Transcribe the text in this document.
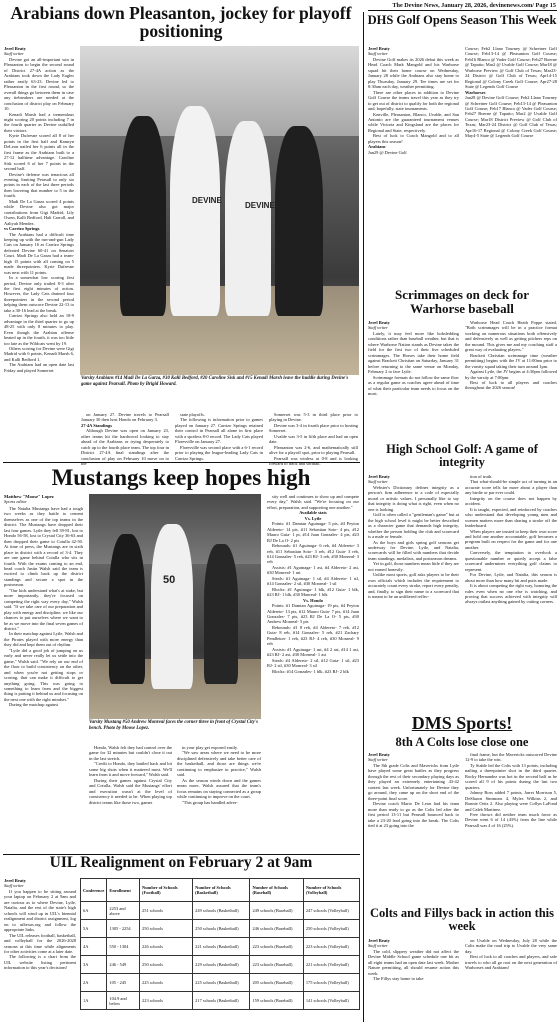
The Devine News, January 28, 2026, devinenews.com/ Page 15
Arabians down Pleasanton, jockey for playoff positioning
Jerel Beaty
Staff writer

Devine got an all-important win in Pleasanton to begin the second round of District 27-4A action as the Arabians took down the Lady Eagles rather easily 63-23. Devine led to Pleasanton in the first round, so the overall things go between them in case any tiebreakers are needed at the conclusion of district play on February 10.

Kenadi Marsh had a tremendous night scoring 20 points including 7 in the fourth quarter as Devine outkilled their visitors.

Kyrie Dufresne scored all 8 of her points in the first half and Kamryn DeLeon nailed her 6 points all in the first frame as the Arabians built to a 27-12 halftime advantage. Caroline Sisk scored 6 of her 7 points in the second half.

Devine's defense was tenacious all evening, limiting Pearsall to only six points in each of the last three periods then lowering that number to 5 in the fourth.

Madi De La Garza scored 4 points while Devine also got major contributions from Gigi Madrid, Lily Owen, Kalli Bedford, Hali Carroll, and Aaliyah Mendez.

vs Carrizo Springs

The Arabians had a difficult time keeping up with the run-and-gun Lady Cats on January 16 as Carrizo Springs defeated Devine 60-41 on Senators Court. Madi De La Garza had a team-high 15 points with all coming on 5 made threepointers. Kyrie Dufresne was next with 11 points.

In a somewhat low scoring first period, Devine only trailed 8-3 after the first eight minutes of action. However, the Lady Cats drained four threepointers in the second period helping them outscore Devine 22-13 to take a 30-16 lead at the break.

Carrizo Springs also held an 18-9 advantage in the third quarter to go up 48-25 with only 8 minutes to play. Even though the Arabian offense heated up in the fourth, it was too little too late as the Wildcats went by 19.

Others scoring for Devine were Gigi Madrid with 6 points, Kenadi Marsh 6, and Kalli Bedford 1.

The Arabians had an open date last Friday and played Somerset

DEVINE
DEVINE
Varsity Arabians #14 Madi De La Garza, #30 Kalli Bedford, #20 Caroline Sisk and #15 Kenadi Marsh leave the huddle during Devine's game against Pearsall. Photo by Brigid Howard.

on January 27. Devine travels to Pearsall January 30 then host Hondo on February 3.

27-4A Standings

Although Devine was open on January 23, other teams hit the hardwood looking to stay ahead of the Arabians or trying desperately to catch up to the fourth place team. The top four in District 27-4A final standings after the conclusion of play on February 10 move on to the

state playoffs.

The following is information prior to games played on January 27. Carrizo Springs retained their control in Pearsall all alone in first place with a spotless 8-0 record. The Lady Cats played Floresville on January 27.

Floresville was second place with a 6-1 record prior to playing the league-leading Lady Cats in Carrizo Springs.

Somerset was 5-3 in third place prior to playing in Devine.

Devine was 3-4 in fourth place prior to hosting Somerset.

Uvalde was 3-5 in fifth place and had an open date.

Pleasanton was 2-6, and mathematically still alive for a playoff spot, prior to playing Pearsall.

Pearsall was winless at 0-8 and is looking forward to track and softball.

Mustangs keep hopes high
Matthew "Moose" Lopez
Sports editor

The Natalia Mustangs have had a tough two weeks as they battle to cement themselves as one of the top teams in the district. The Mustangs have dropped their last four games. Lytle they fell 39-81, lost to Hondo 56-58, lost to Crystal City 36-63 and then dropped their game to Cotulla 42-50. At time of press, the Mustangs are in sixth place in district with a record of 3-4. They are one game behind Cotulla who sits in fourth. With the exams coming to an end, head coach Justin Walsh said the team is excited to climb back up the district standings and secure a spot in the postseason.

"Our kids understand what's at stake, but more importantly, they're focused on competing the right way every day," Walsh said. "If we take care of our preparation and play with energy and discipline, we like our chances to put ourselves where we want to be as we move into the final seven games of district."

In their matchup against Lytle, Walsh and the Pirates played with more energy than they did and kept them out of rhythm.

"Lytle did a good job of jumping on us early and never really let us settle into the game," Walsh said. "We rely on our end of the floor to build consistency on the other, and when you're not getting stops or scoring, that can make it difficult to get anything going. This was going to something to learn from and the biggest thing is putting it behind us and focusing on the next one with the right mindset."

During the matchup against

50
Varsity Mustang #50 Andrew Monreal faces the corner three in front of Crystal City's bench. Photo by Moose Lopez.

Hondo, Walsh felt they had control over the game for 32 minutes but couldn't close it out in the last stretch.

"Credit to Hondo, they battled back and hit some big shots when it mattered most. We'll learn from it and move forward," Walsh said.

During their games against Crystal City and Cotulla, Walsh said the Mustangs' effort and execution wasn't at the level of consistency it needed to be. When playing top district teams like those two, games

in your play get exposed easily.

"We saw areas where we need to be more disciplined defensively and take better care of the basketball, and those are things we're continuing to emphasize in practice," Walsh said.

As the season winds down and the games mean more, Walsh assured that the team's focus remains on staying connected as a group while continuing to improve on the court.

"This group has handled adver-

sity well and continues to show up and compete every day," Walsh said. "We're focusing on our effort, preparation, and supporting one another."

Available stats

Vs. Lytle

Points: #1 Damian Aguinaga- 5 pts, #4 Peyton Aldereto- 14 pts, #11 Sebastian Soto- 4 pts, #12 Mauro Guia- 1 pt, #14 Juan Gonzales- 4 pts, #23 RJ De La O- 2 pts

Rebounds: #1 Aguinaga- 6 reb, #4 Aldereto- 3 reb, #11 Sebastian Soto- 3 reb, #12 Guia- 3 reb, #14 Gonzales- 5 reb, #23 RJ- 3 reb, #30 Monreal- 3 reb

Assists: #1 Aguinaga- 1 ast, #4 Aldereto- 2 ast, #30 Monreal- 1 ast

Steals: #1 Aguinaga- 1 stl, #4 Aldereto- 1 stl, #14 Gonzales- 2 stl, #30 Monreal- 1 stl

Blocks: #1 Aguinaga- 1 blk, #12 Guia- 1 blk, #23 RJ- 1 blk, #30 Monreal- 1 blk

Vs. Hondo

Points: #1 Damian Aguinaga- 19 pts, #4 Peyton Aldereto- 13 pts, #12 Mauro Guia- 7 pts, #14 Juan Gonzales- 7 pts, #23 RJ De La O- 5 pts, #30 Andrew Monreal- 5 pts

Rebounds: #1 8 reb, #4 Aldereto- 7 reb, #12 Guia- 8 reb, #14 Gonzales- 5 reb, #21 Zachary Pendleton- 1 reb, #23 RJ- 4 reb, #30 Monreal- 9 reb

Assists: #1 Aguinaga- 1 ast, #4 2 ast, #14 1 ast, #23 RJ- 2 ast, #30 Monreal- 1 ast

Steals: #4 Aldereto- 2 stl, #12 Guia- 1 stl, #23 RJ- 2 stl, #30 Monreal- 3 stl

Blocks: #14 Gonzales- 1 blk, #23 RJ- 2 blk

UIL Realignment on February 2 at 9am
Jerel Beaty
Staff writer

If you happen to be sitting around your laptop on February 2 at 9am and are curious as to where Devine, Lytle, Natalia, and the rest of the state's high schools will wind up in UIL's biennial realignment and district assignment, log on to uiltexas.org and follow the appropriate links.

The UIL releases football, basketball, and volleyball for the 2026-2028 seasons at this time while alignments for other activities come at a later date.

The following is a chart from the UIL website listing pertinent information to this year's decisions!

Conference	Enrollment	Number of Schools (Football)	Number of Schools (Basketball)	Number of Schools (Baseball)	Number of Schools (Volleyball)
6A	2253 and above	251 schools	249 schools (Basketball)	249 schools (Baseball)	247 schools (Volleyball)
5A	1305 - 2254	250 schools	250 schools (Basketball)	246 schools (Baseball)	250 schools (Volleyball)
4A	550 - 1304	226 schools	221 schools (Basketball)	223 schools (Baseball)	223 schools (Volleyball)
3A	246 - 549	250 schools	229 schools (Basketball)	223 schools (Baseball)	221 schools (Volleyball)
2A	105 - 245	225 schools	225 schools (Basketball)	205 schools (Baseball)	175 schools (Volleyball)
1A	104.9 and below	223 schools	217 schools (Basketball)	159 schools (Baseball)	141 schools (Volleyball)
DHS Golf Opens Season This Week
Jerel Beaty
Staff writer

Devine Golf makes its 2026 debut this week as Head Coach Mark Mangold and his Warhorse squad hit their home course on Wednesday, January 28 while the Arabians also stay home to play Thursday, January 29. Tee times are set for 8:30am each day, weather permitting.

There are other places in addition to Devine Golf Course the teams travel this year as they try to get out of district to qualify for both the regional and, hopefully, state tournaments.

Kenville, Pleasanton, Blanco, Uvalde, and San Antonio are the guaranteed tournament venues while Victoria and Kingsland are the places for Regional and State, respectively.

Best of luck to Coach Mangold and to all players this season!

Arabians

Jan29 @ Devine Golf

Course; Feb2 Llano Tourney @ Schreiner Golf Course; Feb13-14 @ Pleasanton Golf Course; Feb16 Blanco @ Vader Golf Course; Feb27 Boerne @ Tapatio; Mar2 @ Uvalde Golf Course; Mar18 @ Warhorse Preview @ Golf Club of Texas; Mar23-24 District @ Golf Club of Texas; Apr14-15 Regional @ Colony Creek Golf Course; Apr27-28 State @ Legends Golf Course

Warhorses

Jan28 @ Devine Golf Course; Feb2 Llano Tourney @ Schreiner Golf Course; Feb13-14 @ Pleasanton Golf Course; Feb17 Blanco @ Vader Golf Course; Feb27 Boerne @ Tapatio; Mar2 @ Uvalde Golf Course; Mar18 District Preview @ Golf Club of Texas; Mar23-24 District @ Golf Club of Texas; Apr16-17 Regional @ Colony Creek Golf Course; May4-5 State @ Legends Golf Course

Scrimmages on deck for Warhorse baseball
Jerel Beaty
Staff writer

Lately, it may feel more like bobsledding conditions rather than baseball weather, but that is where Warhorse Nation stands as Devine takes the field for the first two of their five scheduled scrimmages. The Horses take their home field against Brackett Christian on Saturday, January 31 before returning to the same venue on Monday, February 2 to face Lytle.

Scrimmage formats do not follow the same flow as a regular game as coaches agree ahead of time of what their particular team needs to focus on the most.

Warhorse Head Coach Heath Poppe stated, "Both scrimmages will be in a practice format working on numerous situations both offensively and defensively as well as getting pitchers reps on the mound. This gives me and my coaching staff a great way of evaluating players."

Brackett Christian scrimmage time (weather permitting) begins with the JV at 11:00am prior to the varsity squad taking their turn around 1pm.

Against Lytle, the JV begins at 4:30pm followed by the varsity at 7:00pm.

Best of luck to all players and coaches throughout the 2026 season!

High School Golf: A game of integrity
Jerel Beaty
Staff writer

Webster's Dictionary defines integrity as a person's firm adherence to a code of especially moral or artistic values. I personally like to say that integrity is doing what is right, even when no one is looking.

Golf is often called a "gentleman's game" but at the high school level it might be better described as a character game that demands high integrity, whether the person holding the club and scorecard is a male or female.

As the boys and girls spring golf seasons get underway for Devine, Lytle, and Natalia, scorecards will be filled with numbers that decide team standings, medalists, and postseason dreams.

Yet in golf, those numbers mean little if they are not earned honestly.

Unlike most sports, golf asks players to be their own officials which includes the requirement to accurately count every stroke, report every penalty, and, finally, to sign their name to a scorecard that is meant to be an unfiltered reflec-

tion of truth.

That what-should-be simple act of turning in an accurate score tells far more about a player than any birdie or par ever could.

Integrity on the course does not happen by accident.

It is taught, expected, and reinforced by coaches who understand that developing young men and women matters more than sharing a stroke off the leaderboard.

When players are trusted to keep their own score and hold one another accountable, golf becomes a program built on respect for the game and for one another.

Conversely, the temptation to overlook a questionable number or quietly accept a false scorecard undermines everything golf claims to represent.

For Devine, Lytle, and Natalia, this season is about more than how many hit and putts made.

It is about competing the right way, honoring the rules even when no one else is watching, and proving that success achieved with integrity will always outlast anything gained by cutting corners.

DMS Sports!
8th A Colts lose close one
Jerel Beaty
Staff writer

The 8th grade Colts and Mavericks from Lytle have played some great battles as they progress through the rest of their secondary playing days as they played an extremely entertaining 43-42 contest last week. Unfortunately for Devine they go around, they came up on the short end of the three-point final score.

Devine coach Mario De Leon had his team more than ready to go as the Colts led after the first period 13-11 but Pearsall bounced back to take a 23-20 lead going into the break. The Colts tied it at 23 going into the

final frame, but the Mavericks outscored Devine 12-9 to take the win.

Ty Stable led the Colts with 13 points, including nailing a threepointer shot in the third quarter. Rocky Hernandez was hot in the second half as he scored all 9 of his points during the last two quarters.

Johnny Ross added 7 points, Jarret Morrison 5, DeShawn Simmons 4, Myles Wilkins 2, and Ronnie Ortiz 2. Also playing were Collyn LaFond and Caleb Martinez.

Free throws did neither team much favor as Devine went 6 of 14 (43%) from the line while Pearsall was 4 of 16 (25%).

Colts and Fillys back in action this week
Jerel Beaty
Staff writer

The cold, slippery weather did not affect the Devine Middle School game schedule one bit as all eight teams had an open date last week. Mother Nature permitting, all should resume action this week.

The Fillys stay home to take

on Uvalde on Wednesday, July 28 while the Colts make the road trip to Uvalde the very same day.

Best of luck to all coaches and players, and safe travels to who all go root on the next generation of Warhorses and Arabians!
